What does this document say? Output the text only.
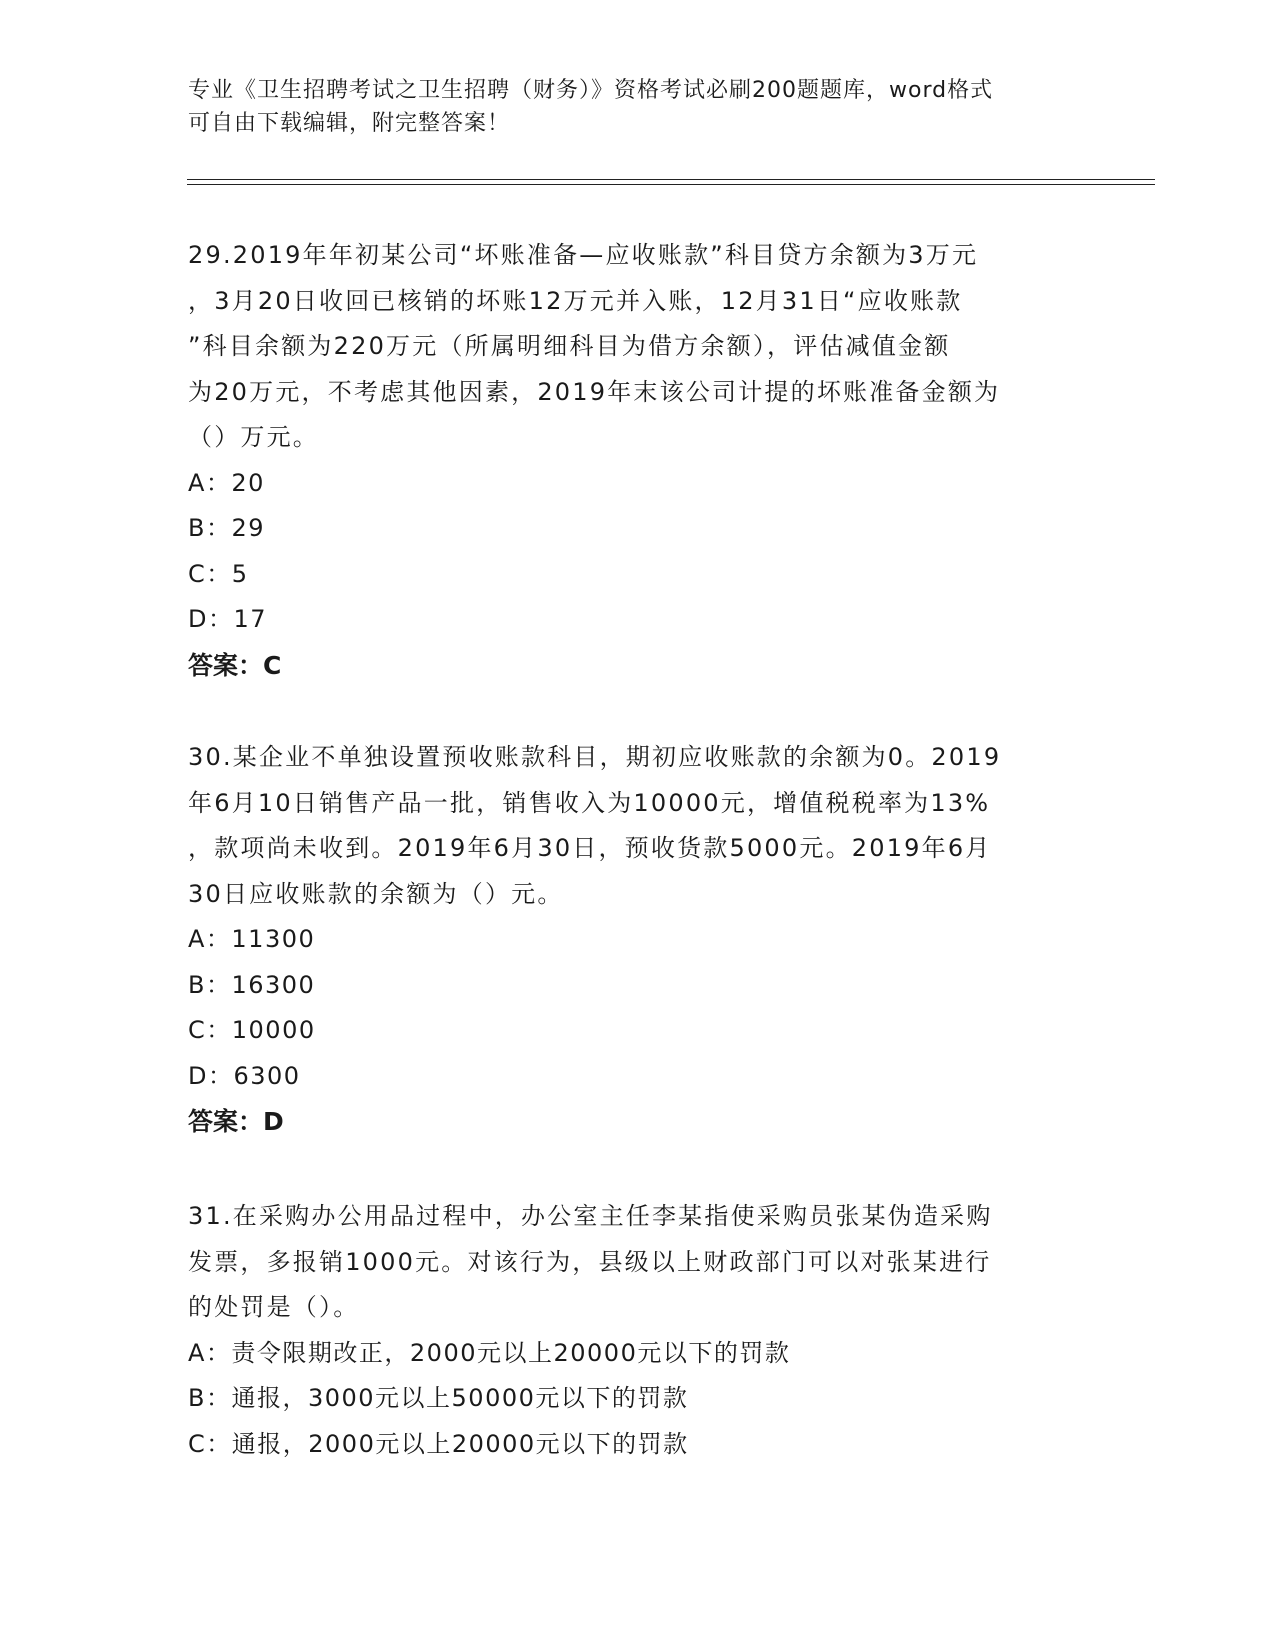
专业《卫生招聘考试之卫生招聘（财务）》资格考试必刷200题题库，word格式
可自由下载编辑，附完整答案！

29.2019年年初某公司“坏账准备—应收账款”科目贷方余额为3万元

，3月20日收回已核销的坏账12万元并入账，12月31日“应收账款

”科目余额为220万元（所属明细科目为借方余额），评估减值金额

为20万元，不考虑其他因素，2019年末该公司计提的坏账准备金额为

（）万元。

A：20

B：29

C：5

D：17

答案：C

30.某企业不单独设置预收账款科目，期初应收账款的余额为0。2019

年6月10日销售产品一批，销售收入为10000元，增值税税率为13%

，款项尚未收到。2019年6月30日，预收货款5000元。2019年6月

30日应收账款的余额为（）元。

A：11300

B：16300

C：10000

D：6300

答案：D

31.在采购办公用品过程中，办公室主任李某指使采购员张某伪造采购

发票，多报销1000元。对该行为，县级以上财政部门可以对张某进行

的处罚是（）。

A：责令限期改正，2000元以上20000元以下的罚款

B：通报，3000元以上50000元以下的罚款

C：通报，2000元以上20000元以下的罚款
